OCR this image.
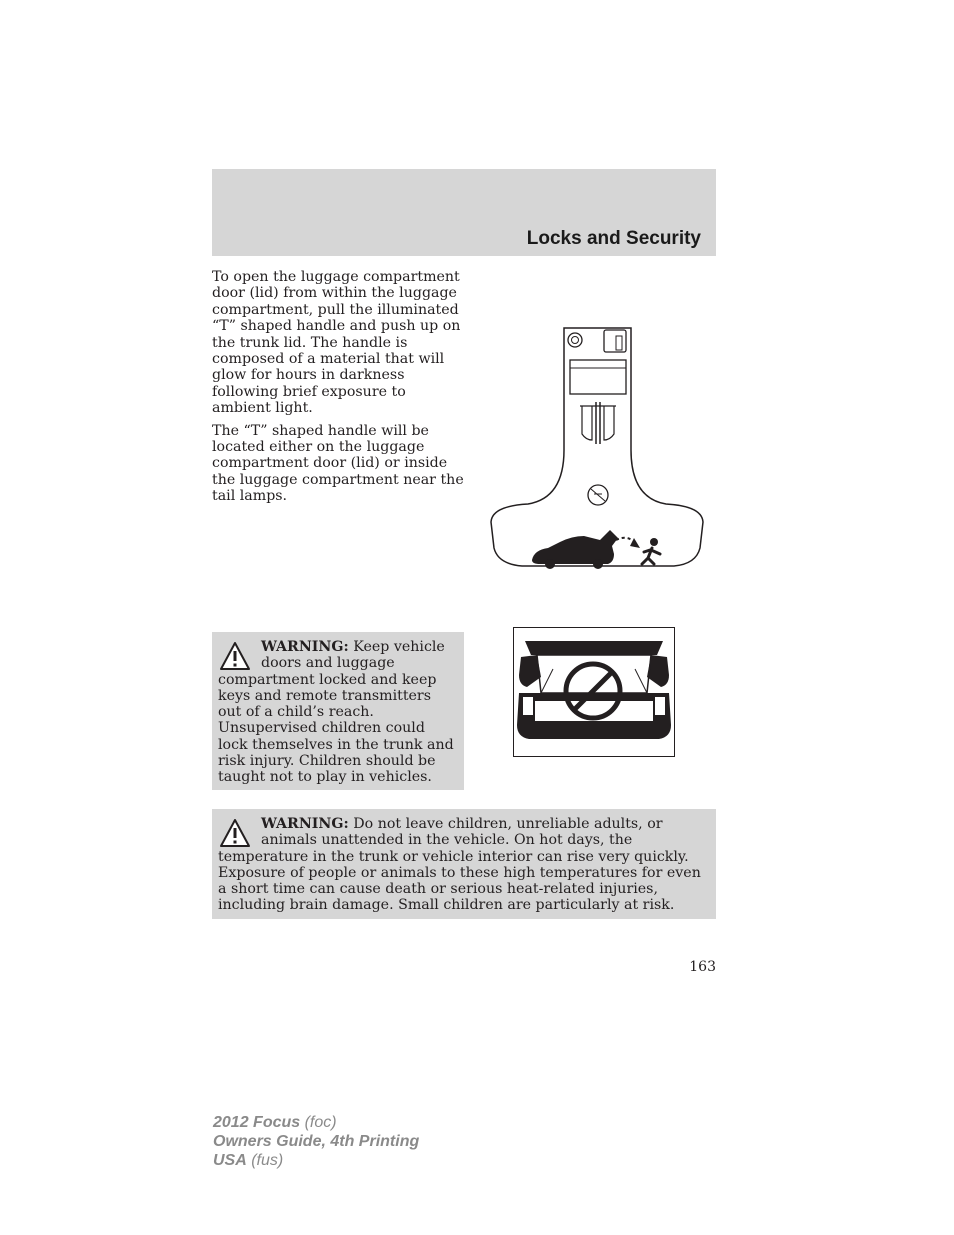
Locks and Security

To open the luggage compartment door (lid) from within the luggage compartment, pull the illuminated “T” shaped handle and push up on the trunk lid. The handle is composed of a material that will glow for hours in darkness following brief exposure to ambient light.

The “T” shaped handle will be located either on the luggage compartment door (lid) or inside the luggage compartment near the tail lamps.

WARNING: Keep vehicle doors and luggage compartment locked and keep keys and remote transmitters out of a child’s reach. Unsupervised children could lock themselves in the trunk and risk injury. Children should be taught not to play in vehicles.
WARNING: Do not leave children, unreliable adults, or animals unattended in the vehicle. On hot days, the temperature in the trunk or vehicle interior can rise very quickly. Exposure of people or animals to these high temperatures for even a short time can cause death or serious heat-related injuries, including brain damage. Small children are particularly at risk.
163
2012 Focus (foc)
Owners Guide, 4th Printing
USA (fus)
